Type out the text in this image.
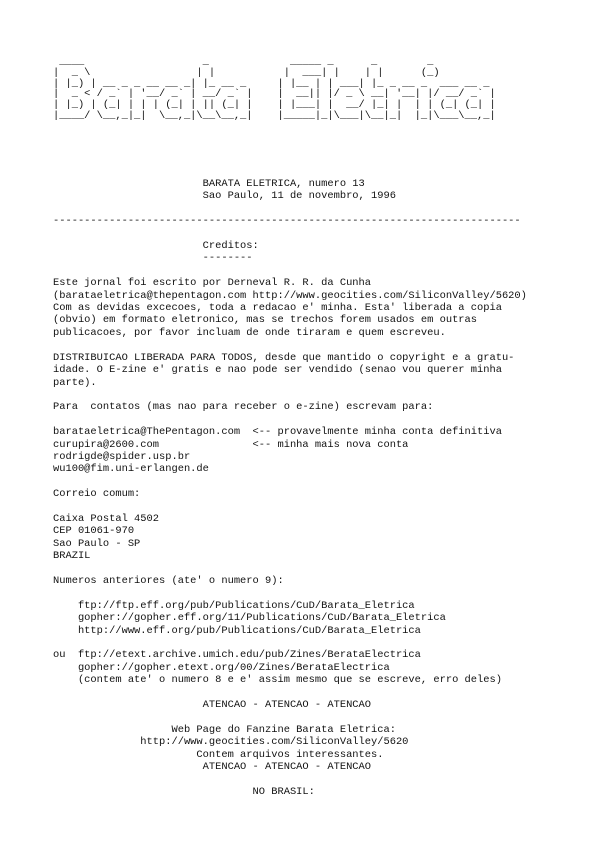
____                   _             _____ _      _        _
|  _ \                 | |           |  ___| |    | |      (_)
| |_) | __ _ _ __ __ _| |_ __ _     | |__ | | ___| |_ _ __ _  ___ __ _
|  _ < / _` | '__/ _` | __/ _` |    |  __|| |/ _ \ __| '__| |/ __/ _` |
| |_) | (_| | | | (_| | || (_| |    | |___| |  __/ |_| |  | | (_| (_| |
|____/ \__,_|_|  \__,_|\__\__,_|    |_____|_|\___|\__|_|  |_|\___\__,_|
BARATA ELETRICA, numero 13
Sao Paulo, 11 de novembro, 1996

---------------------------------------------------------------------------

Creditos:
--------

Este jornal foi escrito por Derneval R. R. da Cunha
(barataeletrica@thepentagon.com http://www.geocities.com/SiliconValley/5620)
Com as devidas excecoes, toda a redacao e' minha. Esta' liberada a copia
(obvio) em formato eletronico, mas se trechos forem usados em outras
publicacoes, por favor incluam de onde tiraram e quem escreveu.

DISTRIBUICAO LIBERADA PARA TODOS, desde que mantido o copyright e a gratu-
idade. O E-zine e' gratis e nao pode ser vendido (senao vou querer minha
parte).

Para  contatos (mas nao para receber o e-zine) escrevam para:

barataeletrica@ThePentagon.com  <-- provavelmente minha conta definitiva
curupira@2600.com               <-- minha mais nova conta
rodrigde@spider.usp.br
wu100@fim.uni-erlangen.de

Correio comum:

Caixa Postal 4502
CEP 01061-970
Sao Paulo - SP
BRAZIL

Numeros anteriores (ate' o numero 9):

ftp://ftp.eff.org/pub/Publications/CuD/Barata_Eletrica
gopher://gopher.eff.org/11/Publications/CuD/Barata_Eletrica
http://www.eff.org/pub/Publications/CuD/Barata_Eletrica

ou  ftp://etext.archive.umich.edu/pub/Zines/BerataElectrica
gopher://gopher.etext.org/00/Zines/BerataElectrica
(contem ate' o numero 8 e e' assim mesmo que se escreve, erro deles)

ATENCAO - ATENCAO - ATENCAO

Web Page do Fanzine Barata Eletrica:
http://www.geocities.com/SiliconValley/5620
Contem arquivos interessantes.
ATENCAO - ATENCAO - ATENCAO

NO BRASIL:
